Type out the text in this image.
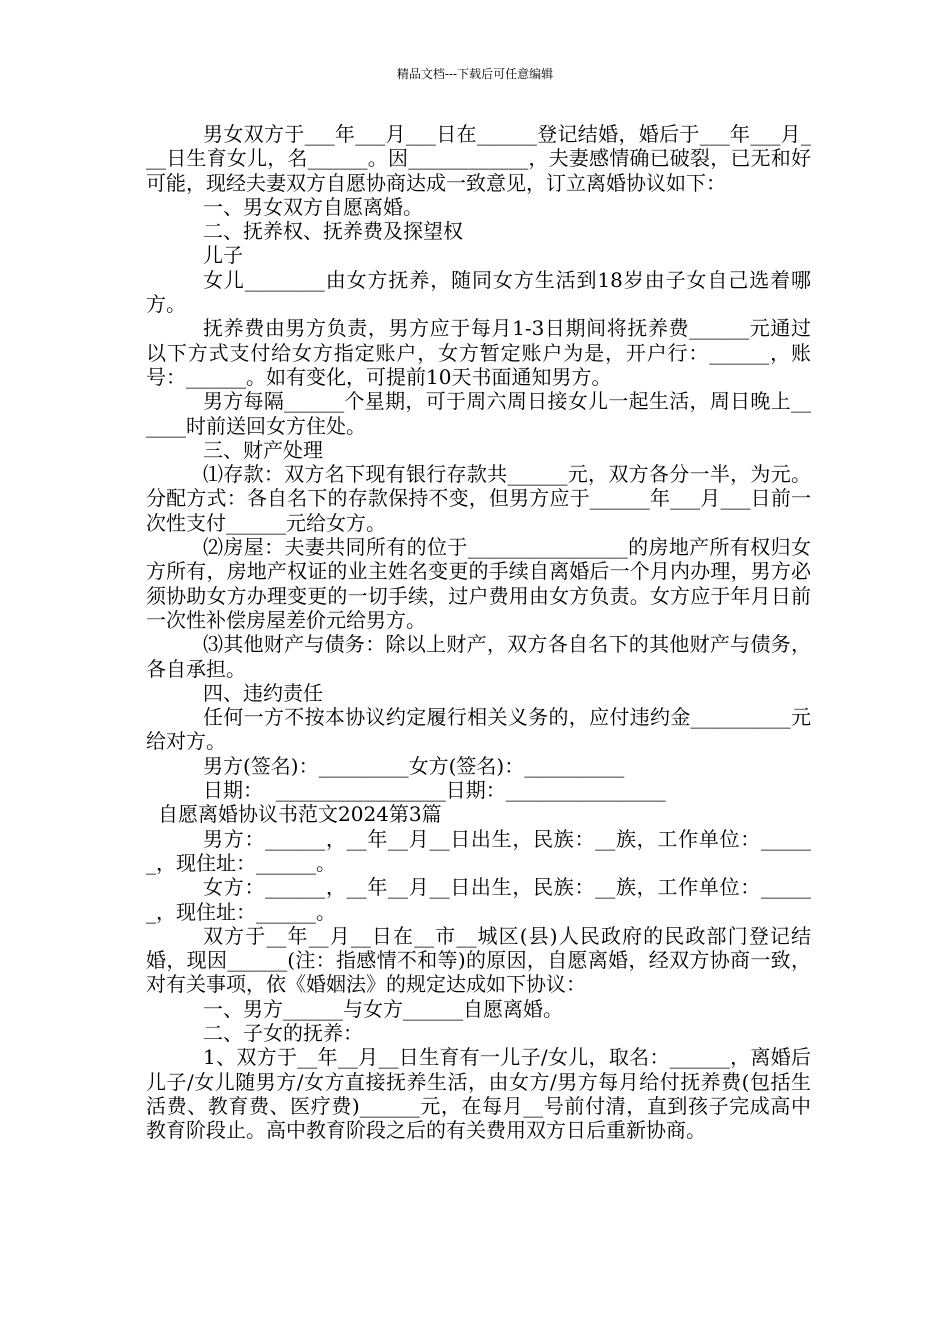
精品文档---下载后可任意编辑

男女双方于___年___月___日在______登记结婚，婚后于___年___月___日生育女儿，名______。因____________，夫妻感情确已破裂，已无和好可能，现经夫妻双方自愿协商达成一致意见，订立离婚协议如下：

一、男女双方自愿离婚。

二、抚养权、抚养费及探望权

儿子

女儿________由女方抚养，随同女方生活到18岁由子女自己选着哪方。

抚养费由男方负责，男方应于每月1-3日期间将抚养费______元通过以下方式支付给女方指定账户，女方暂定账户为是，开户行：______，账号：______。如有变化，可提前10天书面通知男方。

男方每隔______个星期，可于周六周日接女儿一起生活，周日晚上______时前送回女方住处。

三、财产处理

⑴存款：双方名下现有银行存款共______元，双方各分一半，为元。分配方式：各自名下的存款保持不变，但男方应于______年___月___日前一次性支付______元给女方。

⑵房屋：夫妻共同所有的位于________________的房地产所有权归女方所有，房地产权证的业主姓名变更的手续自离婚后一个月内办理，男方必须协助女方办理变更的一切手续，过户费用由女方负责。女方应于年月日前一次性补偿房屋差价元给男方。

⑶其他财产与债务：除以上财产，双方各自名下的其他财产与债务，各自承担。

四、违约责任

任何一方不按本协议约定履行相关义务的，应付违约金__________元给对方。

男方(签名)：_________女方(签名)：__________

日期：  _________________日期：________________

自愿离婚协议书范文2024第3篇

男方：______，__年__月__日出生，民族：__族，工作单位：______，现住址：______。

女方：______，__年__月__日出生，民族：__族，工作单位：______，现住址：______。

双方于__年__月__日在__市__城区(县)人民政府的民政部门登记结婚，现因______(注：指感情不和等)的原因，自愿离婚，经双方协商一致，对有关事项，依《婚姻法》的规定达成如下协议：

一、男方______与女方______自愿离婚。

二、子女的抚养：

1、双方于__年__月__日生育有一儿子/女儿，取名：______，离婚后儿子/女儿随男方/女方直接抚养生活，由女方/男方每月给付抚养费(包括生活费、教育费、医疗费)______元，在每月__号前付清，直到孩子完成高中教育阶段止。高中教育阶段之后的有关费用双方日后重新协商。
